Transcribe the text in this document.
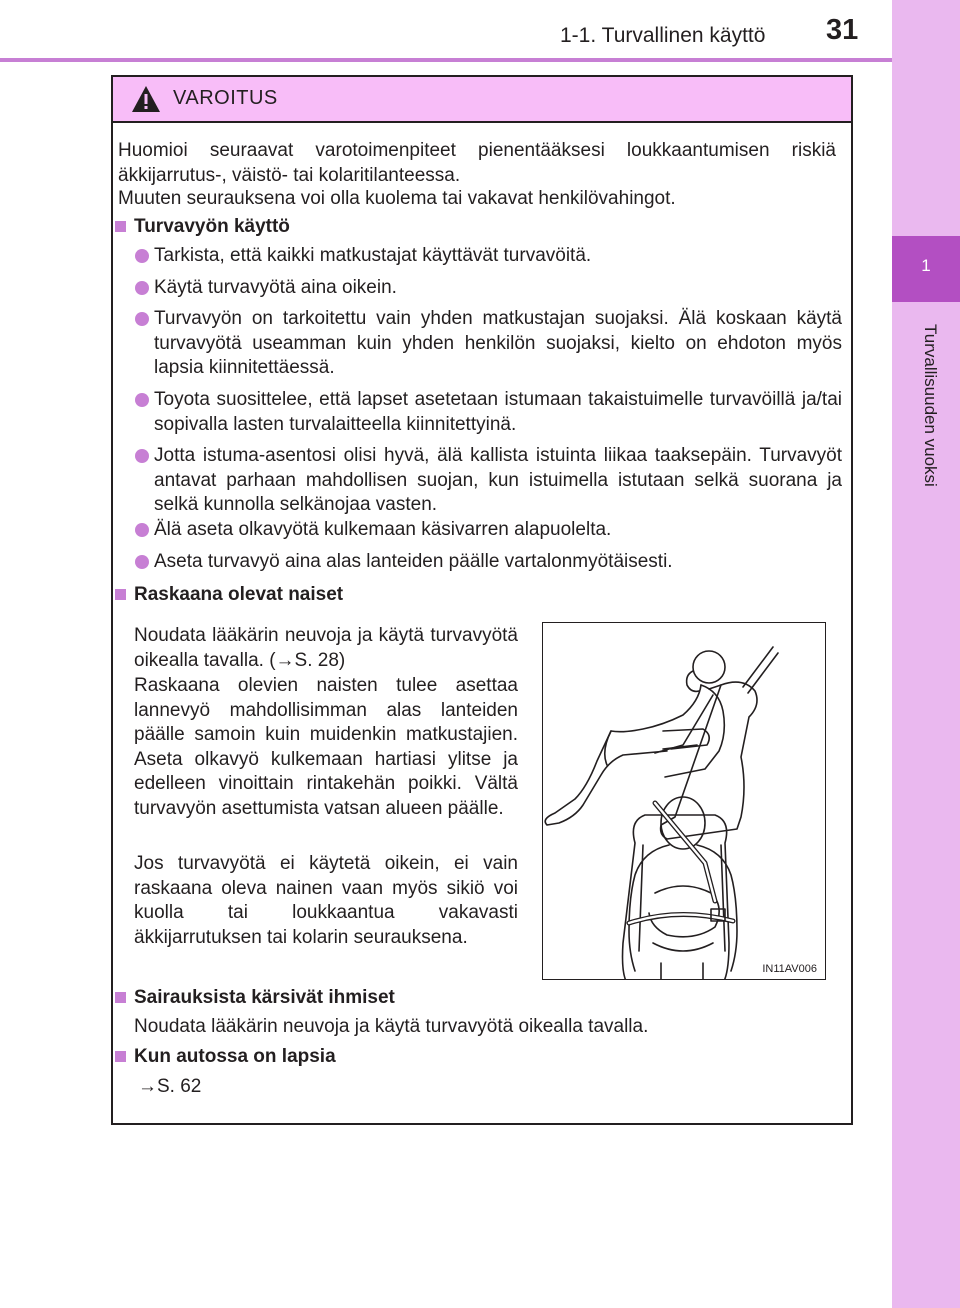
1-1. Turvallinen käyttö 31
1
Turvallisuuden vuoksi
VAROITUS
Huomioi seuraavat varotoimenpiteet pienentääksesi loukkaantumisen riskiä äkkijarrutus-, väistö- tai kolaritilanteessa.
Muuten seurauksena voi olla kuolema tai vakavat henkilövahingot.
Turvavyön käyttö
Tarkista, että kaikki matkustajat käyttävät turvavöitä.
Käytä turvavyötä aina oikein.
Turvavyön on tarkoitettu vain yhden matkustajan suojaksi. Älä koskaan käytä turvavyötä useamman kuin yhden henkilön suojaksi, kielto on ehdoton myös lapsia kiinnitettäessä.
Toyota suosittelee, että lapset asetetaan istumaan takaistuimelle turvavöillä ja/tai sopivalla lasten turvalaitteella kiinnitettyinä.
Jotta istuma-asentosi olisi hyvä, älä kallista istuinta liikaa taaksepäin. Turvavyöt antavat parhaan mahdollisen suojan, kun istuimella istutaan selkä suorana ja selkä kunnolla selkänojaa vasten.
Älä aseta olkavyötä kulkemaan käsivarren alapuolelta.
Aseta turvavyö aina alas lanteiden päälle vartalonmyötäisesti.
Raskaana olevat naiset
Noudata lääkärin neuvoja ja käytä turvavyötä oikealla tavalla. (→S. 28)
Raskaana olevien naisten tulee asettaa lannevyö mahdollisimman alas lanteiden päälle samoin kuin muidenkin matkustajien. Aseta olkavyö kulkemaan hartiasi ylitse ja edelleen vinoittain rintakehän poikki. Vältä turvavyön asettumista vatsan alueen päälle.
Jos turvavyötä ei käytetä oikein, ei vain raskaana oleva nainen vaan myös sikiö voi kuolla tai loukkaantua vakavasti äkkijarrutuksen tai kolarin seurauksena.
IN11AV006
Sairauksista kärsivät ihmiset
Noudata lääkärin neuvoja ja käytä turvavyötä oikealla tavalla.
Kun autossa on lapsia
→S. 62
